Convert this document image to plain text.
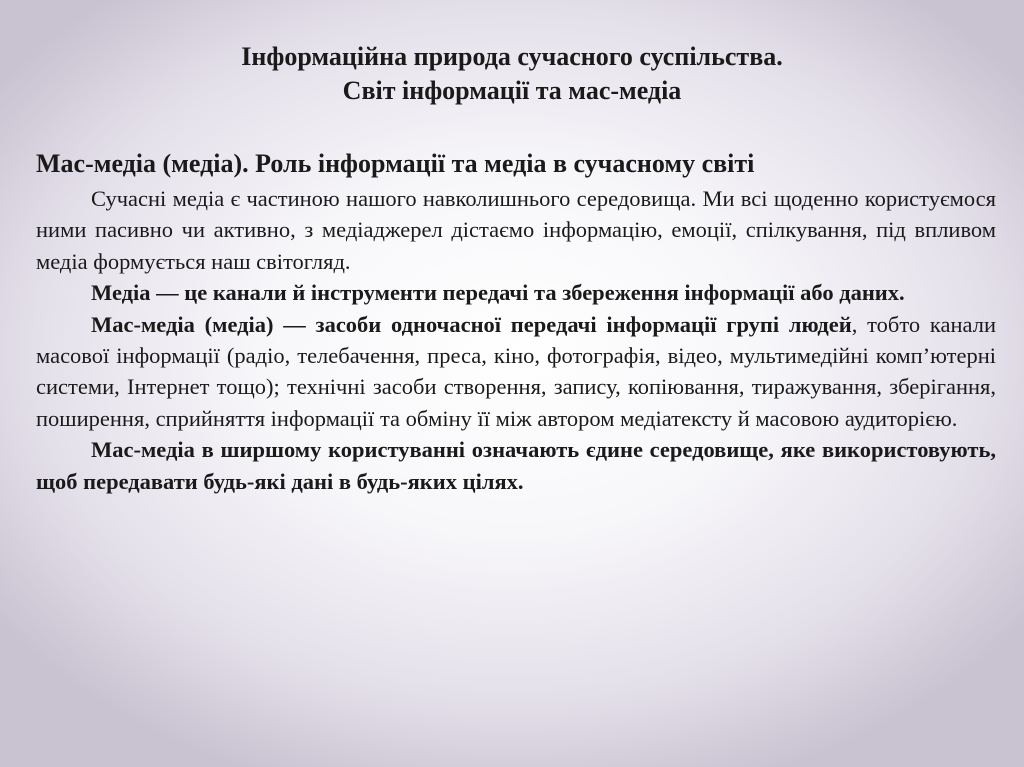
Інформаційна природа сучасного суспільства.
Світ інформації та мас-медіа
Мас-медіа (медіа). Роль інформації та медіа в сучасному світі

Сучасні медіа є частиною нашого навколишнього середовища. Ми всі щоденно користуємося ними пасивно чи активно, з медіаджерел дістаємо інформацію, емоції, спілкування, під впливом медіа формується наш світогляд.

Медіа — це канали й інструменти передачі та збереження інформації або даних.

Мас-медіа (медіа) — засоби одночасної передачі інформації групі людей, тобто канали масової інформації (радіо, телебачення, преса, кіно, фотографія, відео, мультимедійні комп’ютерні системи, Інтернет тощо); технічні засоби створення, запису, копіювання, тиражування, зберігання, поширення, сприйняття інформації та обміну її між автором медіатексту й масовою аудиторією.

Мас-медіа в ширшому користуванні означають єдине середовище, яке використовують, щоб передавати будь-які дані в будь-яких цілях.
